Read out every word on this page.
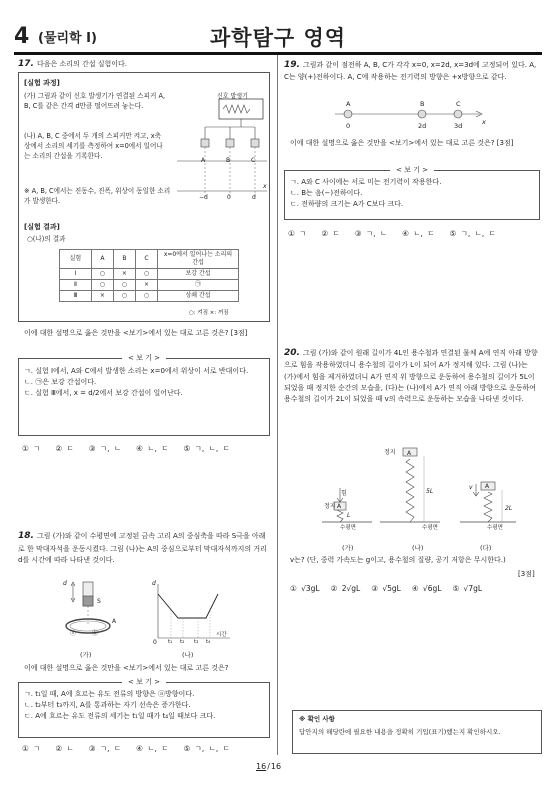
4 (물리학 Ⅰ)	과학탐구 영역
17. 다음은 소리의 간섭 실험이다.
[실험 과정]
(가) 그림과 같이 신호 발생기가 연결된 스피커 A, B, C를 같은 간격 d만큼 떨어뜨려 놓는다.
(나) A, B, C 중에서 두 개의 스피커만 켜고, x축상에서 소리의 세기를 측정하여 x=0에서 일어나는 소리의 간섭을 기록한다.
※ A, B, C에서는 진동수, 진폭, 위상이 동일한 소리가 발생한다.
신호 발생기
A	B	C
−d	0	d
x
[실험 결과]
○(나)의 결과
실험	A	B	C	x=0에서 일어나는 소리의 간섭
Ⅰ	○	×	○	보강 간섭
Ⅱ	○	○	×	㉠
Ⅲ	×	○	○	상쇄 간섭
○: 켜짐 ×: 꺼짐
이에 대한 설명으로 옳은 것만을 <보기>에서 있는 대로 고른 것은? [3점]
< 보 기 >
ㄱ. 실험 Ⅰ에서, A와 C에서 발생한 소리는 x=0에서 위상이 서로 반대이다.
ㄴ. ㉠은 보강 간섭이다.
ㄷ. 실험 Ⅲ에서, x = d/2에서 보강 간섭이 일어난다.
① ㄱ ② ㄷ ③ ㄱ, ㄴ ④ ㄴ, ㄷ ⑤ ㄱ, ㄴ, ㄷ
18. 그림 (가)와 같이 수평면에 고정된 금속 고리 A의 중심축을 따라 S극을 아래로 한 막대자석을 운동시켰다. 그림 (나)는 A의 중심으로부터 막대자석까지의 거리 d를 시간에 따라 나타낸 것이다.
d
S
A
ⓐ	ⓑ
d
0 t₁ t₂ t₃ t₄
시간
(가)	(나)
이에 대한 설명으로 옳은 것만을 <보기>에서 있는 대로 고른 것은?
< 보 기 >
ㄱ. t₁일 때, A에 흐르는 유도 전류의 방향은 ⓐ방향이다.
ㄴ. t₂부터 t₃까지, A를 통과하는 자기 선속은 증가한다.
ㄷ. A에 흐르는 유도 전류의 세기는 t₁일 때가 t₄일 때보다 크다.
① ㄱ ② ㄴ ③ ㄱ, ㄷ ④ ㄴ, ㄷ ⑤ ㄱ, ㄴ, ㄷ
19. 그림과 같이 점전하 A, B, C가 각각 x=0, x=2d, x=3d에 고정되어 있다. A, C는 양(+)전하이다. A, C에 작용하는 전기력의 방향은 +x방향으로 같다.
A	B	C
0	2d	3d	x
이에 대한 설명으로 옳은 것만을 <보기>에서 있는 대로 고른 것은? [3점]
< 보 기 >
ㄱ. A와 C 사이에는 서로 미는 전기력이 작용한다.
ㄴ. B는 음(−)전하이다.
ㄷ. 전하량의 크기는 A가 C보다 크다.
① ㄱ ② ㄷ ③ ㄱ, ㄴ ④ ㄴ, ㄷ ⑤ ㄱ, ㄴ, ㄷ
20. 그림 (가)와 같이 원래 길이가 4L인 용수철과 연결된 물체 A에 연직 아래 방향으로 힘을 작용하였더니 용수철의 길이가 L이 되어 A가 정지해 있다. 그림 (나)는 (가)에서 힘을 제거하였더니 A가 연직 위 방향으로 운동하여 용수철의 길이가 5L이 되었을 때 정지한 순간의 모습을, (다)는 (나)에서 A가 연직 아래 방향으로 운동하여 용수철의 길이가 2L이 되었을 때 v의 속력으로 운동하는 모습을 나타낸 것이다.
정지 A
5L
힘
정지 A
L
v A
2L
수평면	수평면	수평면
(가)	(나)	(다)
v는? (단, 중력 가속도는 g이고, 용수철의 질량, 공기 저항은 무시한다.)
[3점]
① √3gL ② 2√gL ③ √5gL ④ √6gL ⑤ √7gL
※ 확인 사항
답안지의 해당란에 필요한 내용을 정확히 기입(표기)했는지 확인하시오.
16/16
